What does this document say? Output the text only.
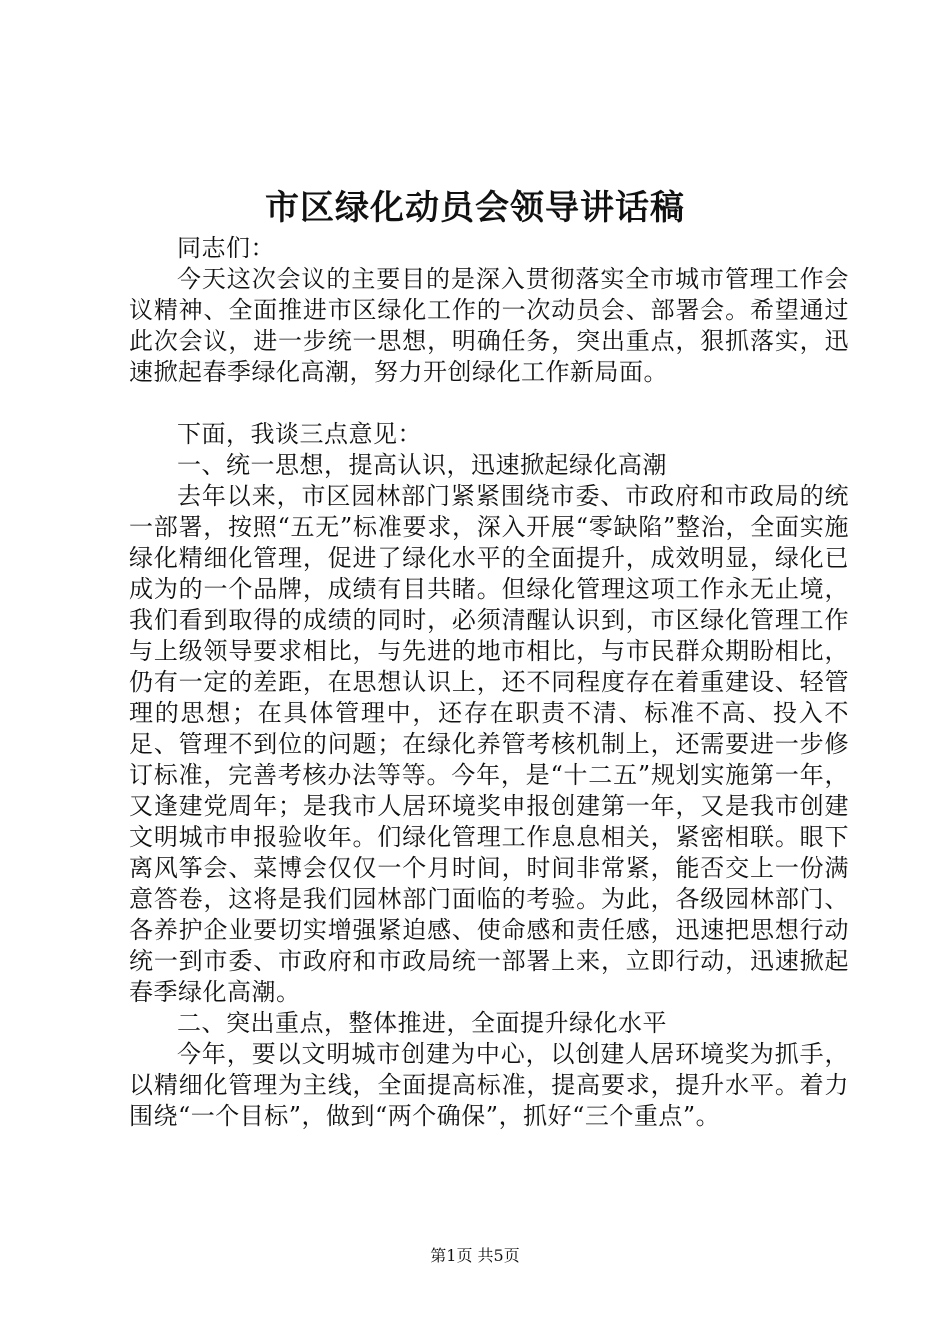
市区绿化动员会领导讲话稿

同志们：

今天这次会议的主要目的是深入贯彻落实全市城市管理工作会议精神、全面推进市区绿化工作的一次动员会、部署会。希望通过此次会议，进一步统一思想，明确任务，突出重点，狠抓落实，迅速掀起春季绿化高潮，努力开创绿化工作新局面。

下面，我谈三点意见：

一、统一思想，提高认识，迅速掀起绿化高潮

去年以来，市区园林部门紧紧围绕市委、市政府和市政局的统一部署，按照“五无”标准要求，深入开展“零缺陷”整治，全面实施绿化精细化管理，促进了绿化水平的全面提升，成效明显，绿化已成为的一个品牌，成绩有目共睹。但绿化管理这项工作永无止境，我们看到取得的成绩的同时，必须清醒认识到，市区绿化管理工作与上级领导要求相比，与先进的地市相比，与市民群众期盼相比，仍有一定的差距，在思想认识上，还不同程度存在着重建设、轻管理的思想；在具体管理中，还存在职责不清、标准不高、投入不足、管理不到位的问题；在绿化养管考核机制上，还需要进一步修订标准，完善考核办法等等。今年，是“十二五”规划实施第一年，又逢建党周年；是我市人居环境奖申报创建第一年，又是我市创建文明城市申报验收年。们绿化管理工作息息相关，紧密相联。眼下离风筝会、菜博会仅仅一个月时间，时间非常紧，能否交上一份满意答卷，这将是我们园林部门面临的考验。为此，各级园林部门、各养护企业要切实增强紧迫感、使命感和责任感，迅速把思想行动统一到市委、市政府和市政局统一部署上来，立即行动，迅速掀起春季绿化高潮。

二、突出重点，整体推进，全面提升绿化水平

今年，要以文明城市创建为中心，以创建人居环境奖为抓手，以精细化管理为主线，全面提高标准，提高要求，提升水平。着力围绕“一个目标”，做到“两个确保”，抓好“三个重点”。

第1页 共5页
